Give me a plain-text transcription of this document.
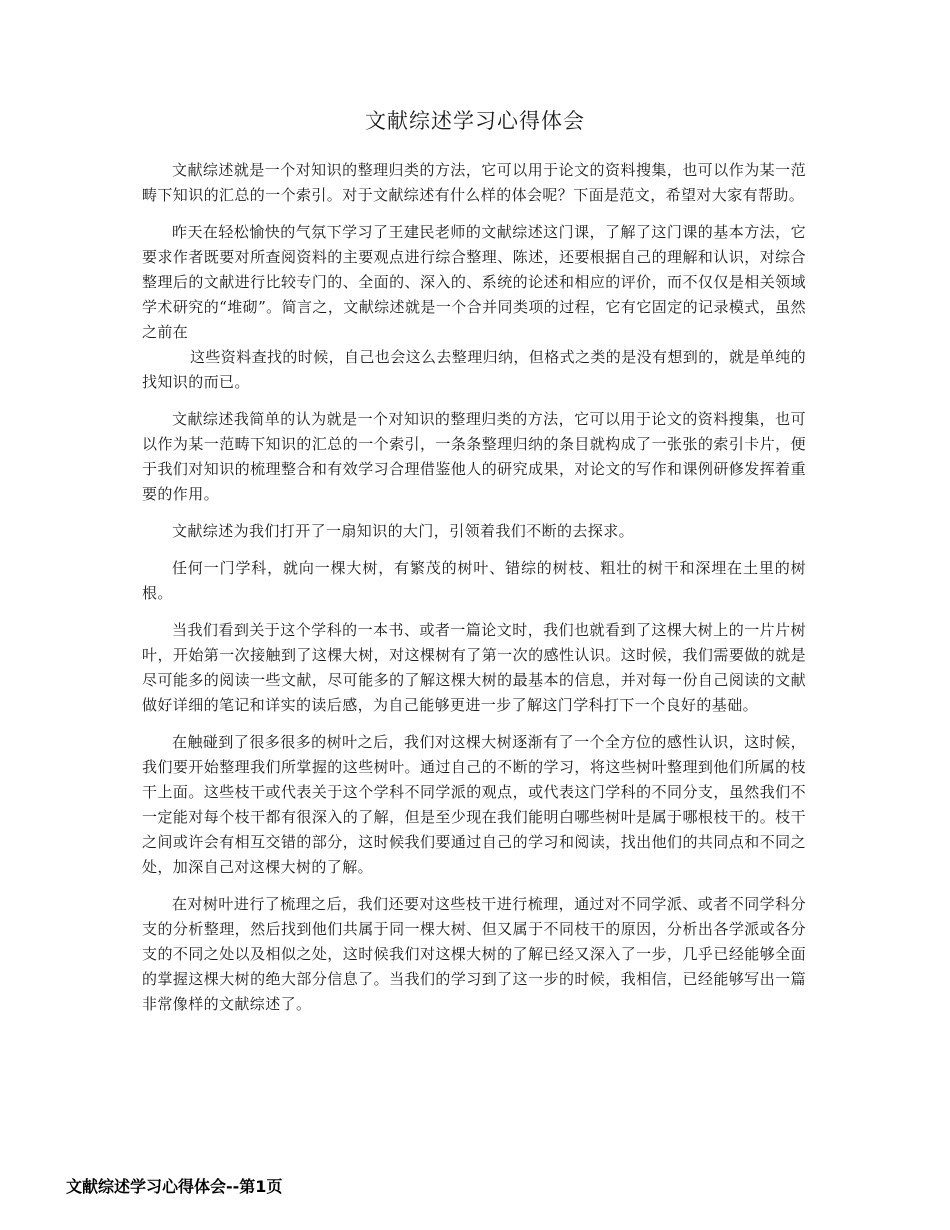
文献综述学习心得体会

文献综述就是一个对知识的整理归类的方法，它可以用于论文的资料搜集，也可以作为某一范畴下知识的汇总的一个索引。对于文献综述有什么样的体会呢？下面是范文，希望对大家有帮助。

昨天在轻松愉快的气氛下学习了王建民老师的文献综述这门课，了解了这门课的基本方法，它要求作者既要对所查阅资料的主要观点进行综合整理、陈述，还要根据自己的理解和认识，对综合整理后的文献进行比较专门的、全面的、深入的、系统的论述和相应的评价，而不仅仅是相关领域学术研究的“堆砌”。简言之，文献综述就是一个合并同类项的过程，它有它固定的记录模式，虽然之前在

这些资料查找的时候，自己也会这么去整理归纳，但格式之类的是没有想到的，就是单纯的找知识的而已。

文献综述我简单的认为就是一个对知识的整理归类的方法，它可以用于论文的资料搜集，也可以作为某一范畴下知识的汇总的一个索引，一条条整理归纳的条目就构成了一张张的索引卡片，便于我们对知识的梳理整合和有效学习合理借鉴他人的研究成果，对论文的写作和课例研修发挥着重要的作用。

文献综述为我们打开了一扇知识的大门，引领着我们不断的去探求。

任何一门学科，就向一棵大树，有繁茂的树叶、错综的树枝、粗壮的树干和深埋在土里的树根。

当我们看到关于这个学科的一本书、或者一篇论文时，我们也就看到了这棵大树上的一片片树叶，开始第一次接触到了这棵大树，对这棵树有了第一次的感性认识。这时候，我们需要做的就是尽可能多的阅读一些文献，尽可能多的了解这棵大树的最基本的信息，并对每一份自己阅读的文献做好详细的笔记和详实的读后感，为自己能够更进一步了解这门学科打下一个良好的基础。

在触碰到了很多很多的树叶之后，我们对这棵大树逐渐有了一个全方位的感性认识，这时候，我们要开始整理我们所掌握的这些树叶。通过自己的不断的学习，将这些树叶整理到他们所属的枝干上面。这些枝干或代表关于这个学科不同学派的观点，或代表这门学科的不同分支，虽然我们不一定能对每个枝干都有很深入的了解，但是至少现在我们能明白哪些树叶是属于哪根枝干的。枝干之间或许会有相互交错的部分，这时候我们要通过自己的学习和阅读，找出他们的共同点和不同之处，加深自己对这棵大树的了解。

在对树叶进行了梳理之后，我们还要对这些枝干进行梳理，通过对不同学派、或者不同学科分支的分析整理，然后找到他们共属于同一棵大树、但又属于不同枝干的原因，分析出各学派或各分支的不同之处以及相似之处，这时候我们对这棵大树的了解已经又深入了一步，几乎已经能够全面的掌握这棵大树的绝大部分信息了。当我们的学习到了这一步的时候，我相信，已经能够写出一篇非常像样的文献综述了。

文献综述学习心得体会--第1页
